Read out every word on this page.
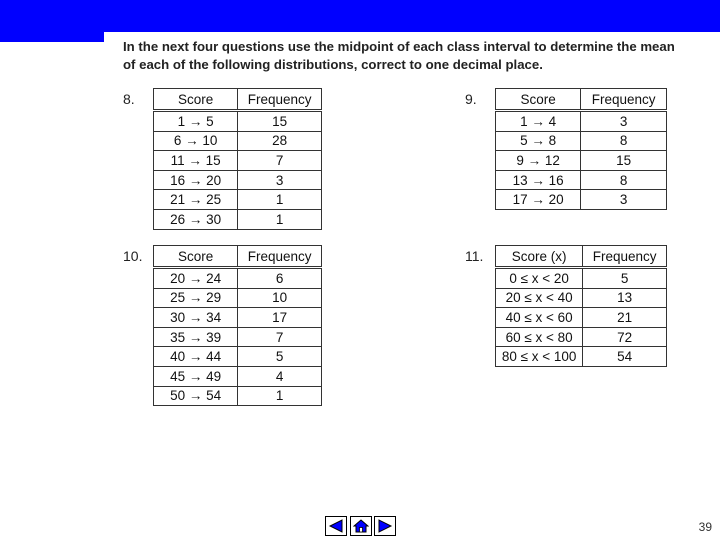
In the next four questions use the midpoint of each class interval to determine the mean
of each of the following distributions, correct to one decimal place.
8.	Score	Frequency
1 → 5	15
6 → 10	28
11 → 15	7
16 → 20	3
21 → 25	1
26 → 30	1
9.	Score	Frequency
1 → 4	3
5 → 8	8
9 → 12	15
13 → 16	8
17 → 20	3
10.	Score	Frequency
20 → 24	6
25 → 29	10
30 → 34	17
35 → 39	7
40 → 44	5
45 → 49	4
50 → 54	1
11. Score (x)	Frequency
0 ≤ x < 20	5
20 ≤ x < 40	13
40 ≤ x < 60	21
60 ≤ x < 80	72
80 ≤ x < 100	54
39
